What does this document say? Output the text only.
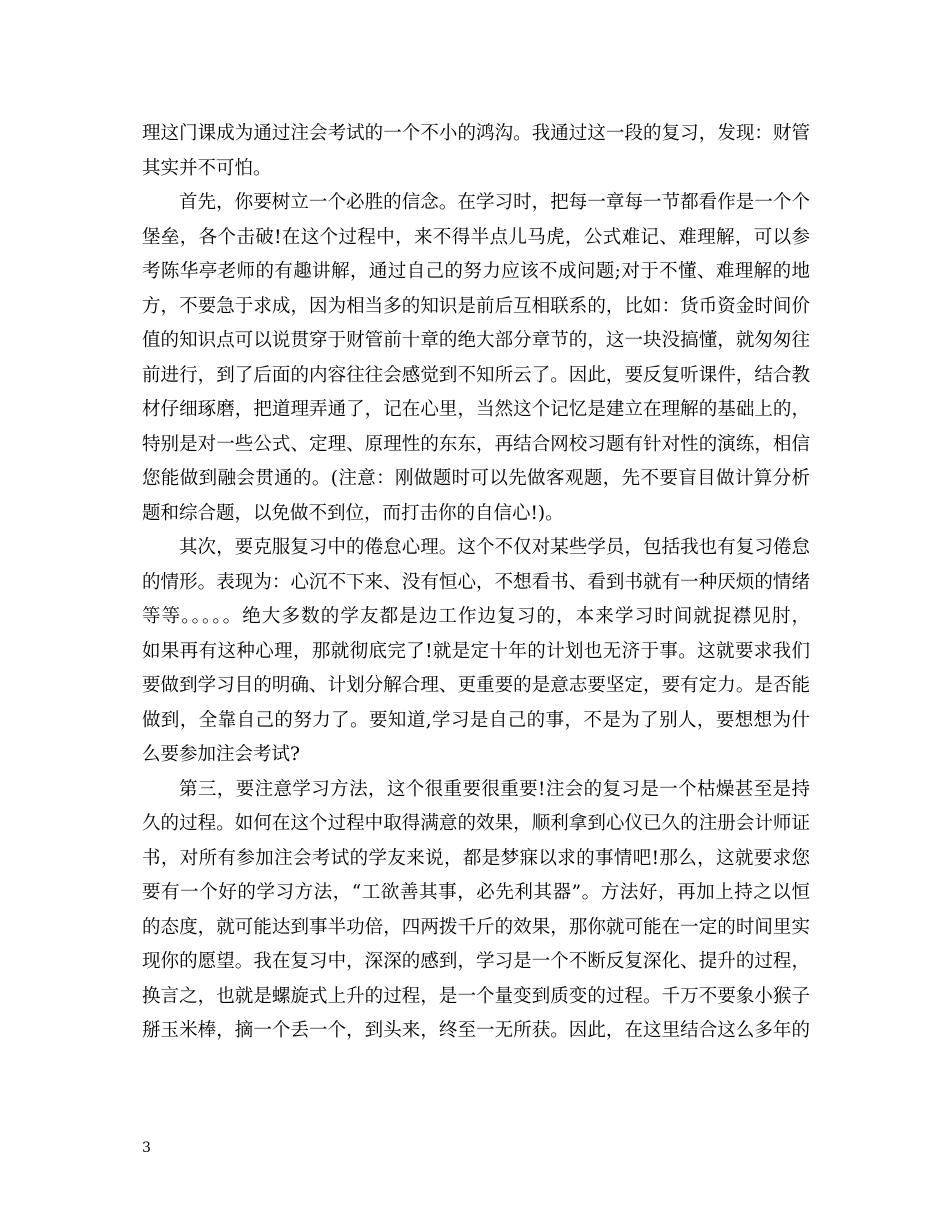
理这门课成为通过注会考试的一个不小的鸿沟。我通过这一段的复习，发现：财管
其实并不可怕。
首先，你要树立一个必胜的信念。在学习时，把每一章每一节都看作是一个个
堡垒，各个击破!在这个过程中，来不得半点儿马虎，公式难记、难理解，可以参
考陈华亭老师的有趣讲解，通过自己的努力应该不成问题;对于不懂、难理解的地
方，不要急于求成，因为相当多的知识是前后互相联系的，比如：货币资金时间价
值的知识点可以说贯穿于财管前十章的绝大部分章节的，这一块没搞懂，就匆匆往
前进行，到了后面的内容往往会感觉到不知所云了。因此，要反复听课件，结合教
材仔细琢磨，把道理弄通了，记在心里，当然这个记忆是建立在理解的基础上的，
特别是对一些公式、定理、原理性的东东，再结合网校习题有针对性的演练，相信
您能做到融会贯通的。(注意：刚做题时可以先做客观题，先不要盲目做计算分析
题和综合题，以免做不到位，而打击你的自信心!)。
其次，要克服复习中的倦怠心理。这个不仅对某些学员，包括我也有复习倦怠
的情形。表现为：心沉不下来、没有恒心，不想看书、看到书就有一种厌烦的情绪
等等。。。。。绝大多数的学友都是边工作边复习的，本来学习时间就捉襟见肘，
如果再有这种心理，那就彻底完了!就是定十年的计划也无济于事。这就要求我们
要做到学习目的明确、计划分解合理、更重要的是意志要坚定，要有定力。是否能
做到，全靠自己的努力了。要知道,学习是自己的事，不是为了别人，要想想为什
么要参加注会考试?
第三，要注意学习方法，这个很重要很重要!注会的复习是一个枯燥甚至是持
久的过程。如何在这个过程中取得满意的效果，顺利拿到心仪已久的注册会计师证
书，对所有参加注会考试的学友来说，都是梦寐以求的事情吧!那么，这就要求您
要有一个好的学习方法，“工欲善其事，必先利其器”。方法好，再加上持之以恒
的态度，就可能达到事半功倍，四两拨千斤的效果，那你就可能在一定的时间里实
现你的愿望。我在复习中，深深的感到，学习是一个不断反复深化、提升的过程，
换言之，也就是螺旋式上升的过程，是一个量变到质变的过程。千万不要象小猴子
掰玉米棒，摘一个丢一个，到头来，终至一无所获。因此，在这里结合这么多年的
3
